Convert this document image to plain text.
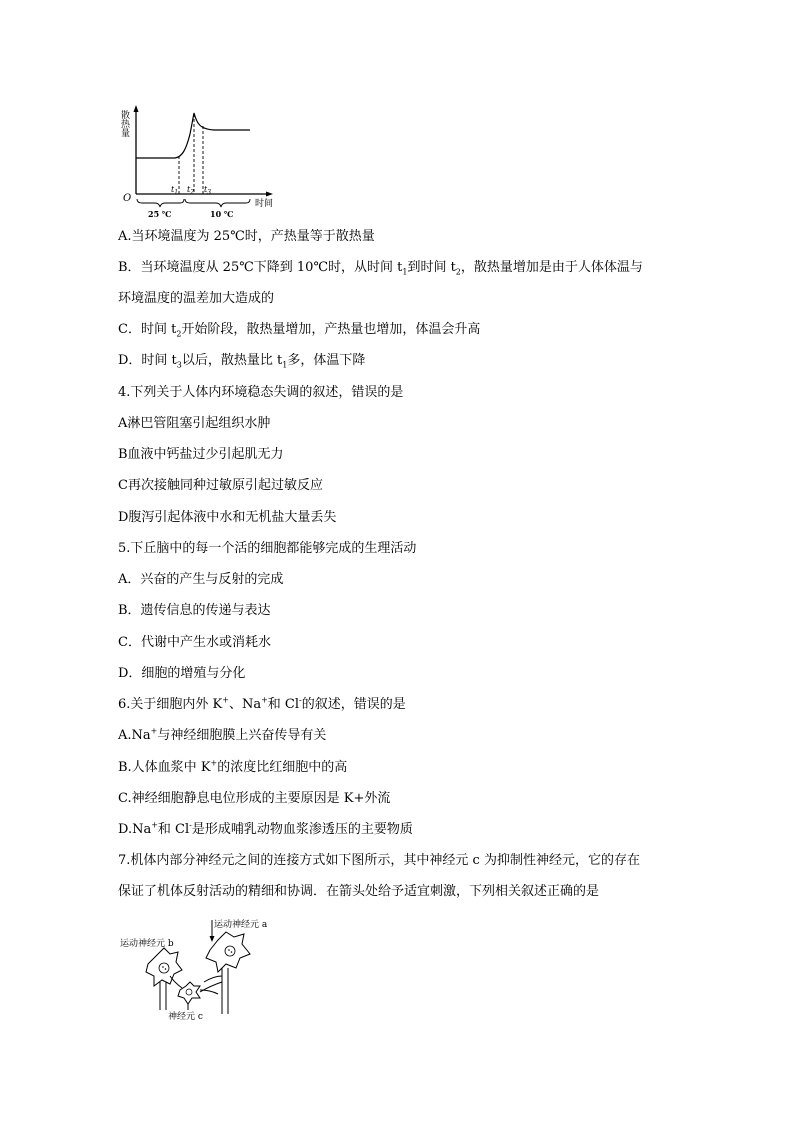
散热量
O
$t_1$ $t_2$ $t_3$
25 ℃	10 ℃
时间
A.当环境温度为 25℃时，产热量等于散热量
B．当环境温度从 25℃下降到 10℃时，从时间 $t_1$到时间 $t_2$，散热量增加是由于人体体温与
环境温度的温差加大造成的
C．时间 $t_2$开始阶段，散热量增加，产热量也增加，体温会升高
D．时间 $t_3$以后，散热量比 $t_1$多，体温下降
4.下列关于人体内环境稳态失调的叙述，错误的是
A淋巴管阻塞引起组织水肿
B血液中钙盐过少引起肌无力
C再次接触同种过敏原引起过敏反应
D腹泻引起体液中水和无机盐大量丢失
5.下丘脑中的每一个活的细胞都能够完成的生理活动
A．兴奋的产生与反射的完成
B．遗传信息的传递与表达
C．代谢中产生水或消耗水
D．细胞的增殖与分化
6.关于细胞内外 K+、Na+和 Cl-的叙述，错误的是
A.Na+与神经细胞膜上兴奋传导有关
B.人体血浆中 K+的浓度比红细胞中的高
C.神经细胞静息电位形成的主要原因是 K+外流
D.Na+和 Cl-是形成哺乳动物血浆渗透压的主要物质
7.机体内部分神经元之间的连接方式如下图所示，其中神经元 c 为抑制性神经元，它的存在
保证了机体反射活动的精细和协调．在箭头处给予适宜刺激，下列相关叙述正确的是
运动神经元 a
运动神经元 b
神经元 c
